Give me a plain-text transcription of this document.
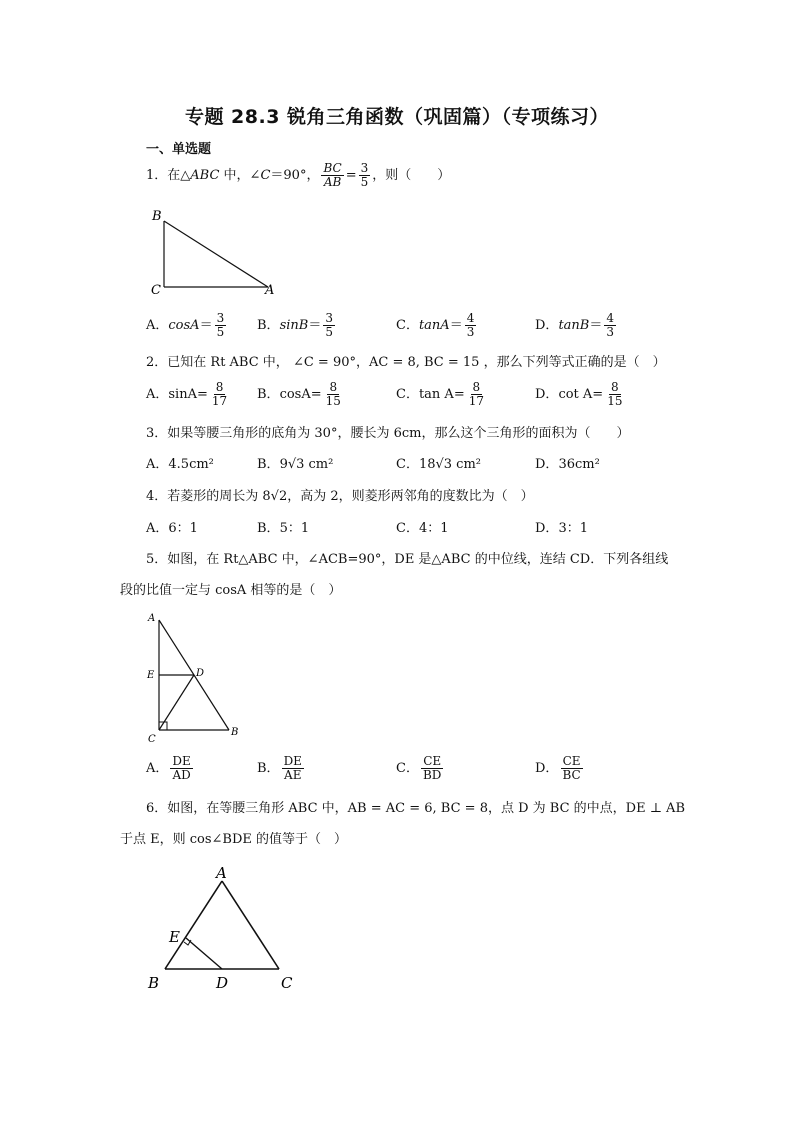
专题 28.3 锐角三角函数（巩固篇）（专项练习）
一、单选题
1．在△ABC 中，∠C＝90°， $\frac{BC}{AB} = \frac{3}{5}$ ，则（　　）
B
C	A
A． $\cos A = \frac{3}{5}$ B． $\sin B = \frac{3}{5}$	C． $\tan A = \frac{4}{3}$	D． $\tan B = \frac{4}{3}$
2．已知在 Rt ABC 中， ∠C = 90°，AC = 8, BC = 15 ，那么下列等式正确的是（　）
A． $\sin A = \frac{8}{17}$ B． $\cos A = \frac{8}{15}$	C． $\tan A = \frac{8}{17}$	D． $\cot A = \frac{8}{15}$
3．如果等腰三角形的底角为 30°，腰长为 6cm，那么这个三角形的面积为（　　）
A． 4.5cm²	B． 9√3 cm²	C． 18√3 cm²	D． 36cm²
4．若菱形的周长为 8√2，高为 2，则菱形两邻角的度数比为（　）
A． 6：1	B． 5：1	C． 4：1	D． 3：1
5．如图，在 Rt△ABC 中，∠ACB=90°，DE 是△ABC 的中位线，连结 CD．下列各组线
段的比值一定与 cosA 相等的是（　）
A
E	D
C
B
A． $\frac{DE}{AD}$	B． $\frac{DE}{AE}$	C． $\frac{CE}{BD}$	D． $\frac{CE}{BC}$
6．如图，在等腰三角形 ABC 中，AB = AC = 6, BC = 8，点 D 为 BC 的中点，DE ⊥ AB
于点 E，则 cos∠BDE 的值等于（　）
A
E
B	D	C
